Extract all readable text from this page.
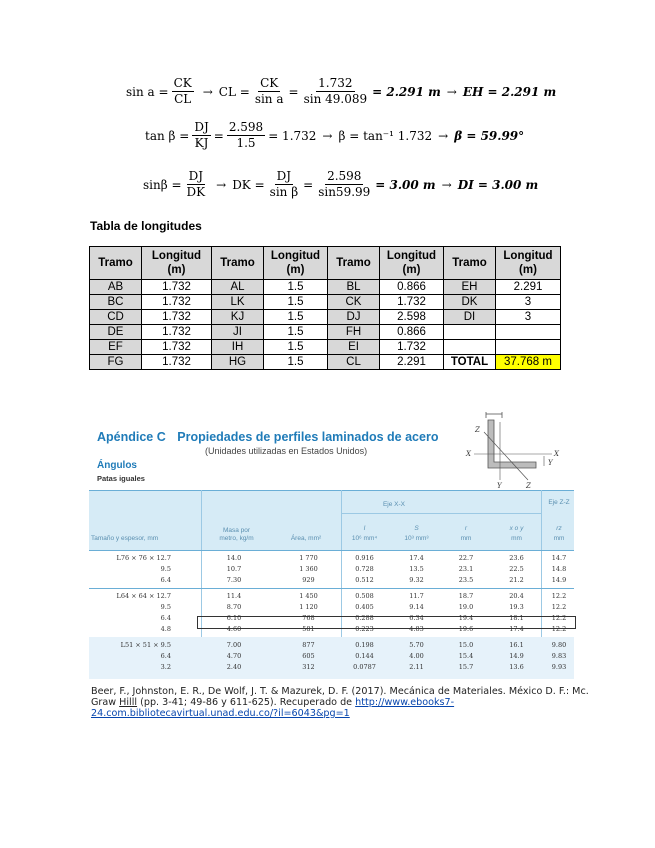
$\sin a = \frac{CK}{CL}$ → CL = $\frac{CK}{\text{sin a}} = \frac{1.732}{\sin 49.089} = 2.291$ m → EH = 2.291 m
$\tan \beta = \frac{DJ}{KJ} = \frac{2.598}{1.5} = 1.732 \to \beta = \tan^{-1}$ 1.732 → β = 59.99°
$\sin\beta = \frac{DJ}{DK}$ → DK = $\frac{DJ}{\text{sin β}} = \frac{2.598}{\sin 59.99} = 3.00$ m → DI = 3.00 m
Tabla de longitudes
Tramo	Longitud (m)	Tramo	Longitud (m)	Tramo	Longitud (m)	Tramo	Longitud (m)
AB	1.732	AL	1.5	BL	0.866	EH	2.291
BC	1.732	LK	1.5	CK	1.732	DK	3
CD	1.732	KJ	1.5	DJ	2.598	DI	3
DE	1.732	JI	1.5	FH	0.866		
EF	1.732	IH	1.5	EI	1.732		
FG	1.732	HG	1.5	CL	2.291	TOTAL	37.768 m
Apéndice C Propiedades de perfiles laminados de acero
(Unidades utilizadas en Estados Unidos)
Ángulos
Patas iguales
Z
X	X
Y	Z
Y
Eje X-X	Eje Z-Z
Tamaño y espesor, mm
Masa por metro, kg/m	Área, mm²
I
10⁶ mm⁴
S
10³ mm³
r
mm
x o y
mm
rz
mm
L76 × 76 × 12.7	14.0	1 770	0.916	17.4	22.7	23.6	14.7
9.5	10.7	1 360	0.728	13.5	23.1	22.5	14.8
6.4	7.30	929	0.512	9.32	23.5	21.2	14.9
L64 × 64 × 12.7	11.4	1 450	0.508	11.7	18.7	20.4	12.2
9.5	8.70	1 120	0.405	9.14	19.0	19.3	12.2
6.4	6.10	768	0.288	6.34	19.4	18.1	12.2
4.8	4.60	581	0.223	4.83	19.6	17.4	12.2
L51 × 51 × 9.5	7.00	877	0.198	5.70	15.0	16.1	9.80
6.4	4.70	605	0.144	4.00	15.4	14.9	9.83
3.2	2.40	312	0.0787	2.11	15.7	13.6	9.93
Beer, F., Johnston, E. R., De Wolf, J. T. & Mazurek, D. F. (2017). Mecánica de Materiales. México D. F.: Mc. Graw Hilll (pp. 3-41; 49-86 y 611-625). Recuperado de http://www.ebooks7-24.com.bibliotecavirtual.unad.edu.co/?il=6043&pg=1
